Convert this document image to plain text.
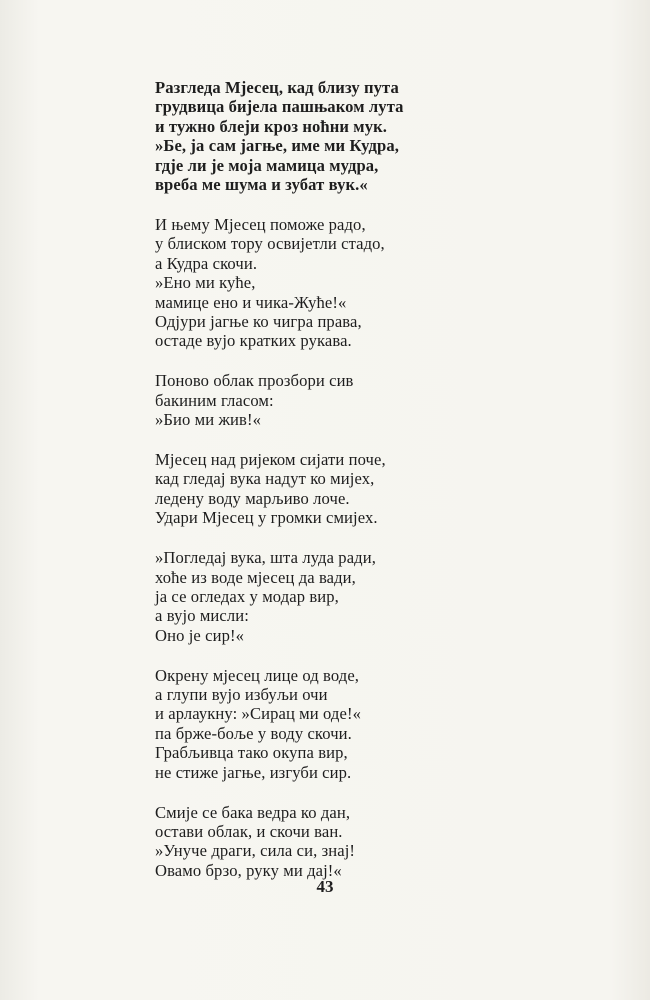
Разгледа Мјесец, кад близу пута
грудвица бијела пашњаком лута
и тужно блеји кроз ноћни мук.
»Бе, ја сам јагње, име ми Кудра,
гдје ли је моја мамица мудра,
вреба ме шума и зубат вук.«
И њему Мјесец поможе радо,
у блиском тору освијетли стадо,
а Кудра скочи.
»Ено ми куће,
мамице ено и чика-Жуће!«
Одјури јагње ко чигра права,
остаде вујо кратких рукава.
Поново облак прозбори сив
бакиним гласом:
»Био ми жив!«
Мјесец над ријеком сијати поче,
кад гледај вука надут ко мијех,
ледену воду марљиво лоче.
Удари Мјесец у громки смијех.
»Погледај вука, шта луда ради,
хоће из воде мјесец да вади,
ја се огледах у модар вир,
а вујо мисли:
Оно је сир!«
Окрену мјесец лице од воде,
а глупи вујо избуљи очи
и арлаукну: »Сирац ми оде!«
па брже-боље у воду скочи.
Грабљивца тако окупа вир,
не стиже јагње, изгуби сир.
Смије се бака ведра ко дан,
остави облак, и скочи ван.
»Унуче драги, сила си, знај!
Овамо брзо, руку ми дај!«
43
